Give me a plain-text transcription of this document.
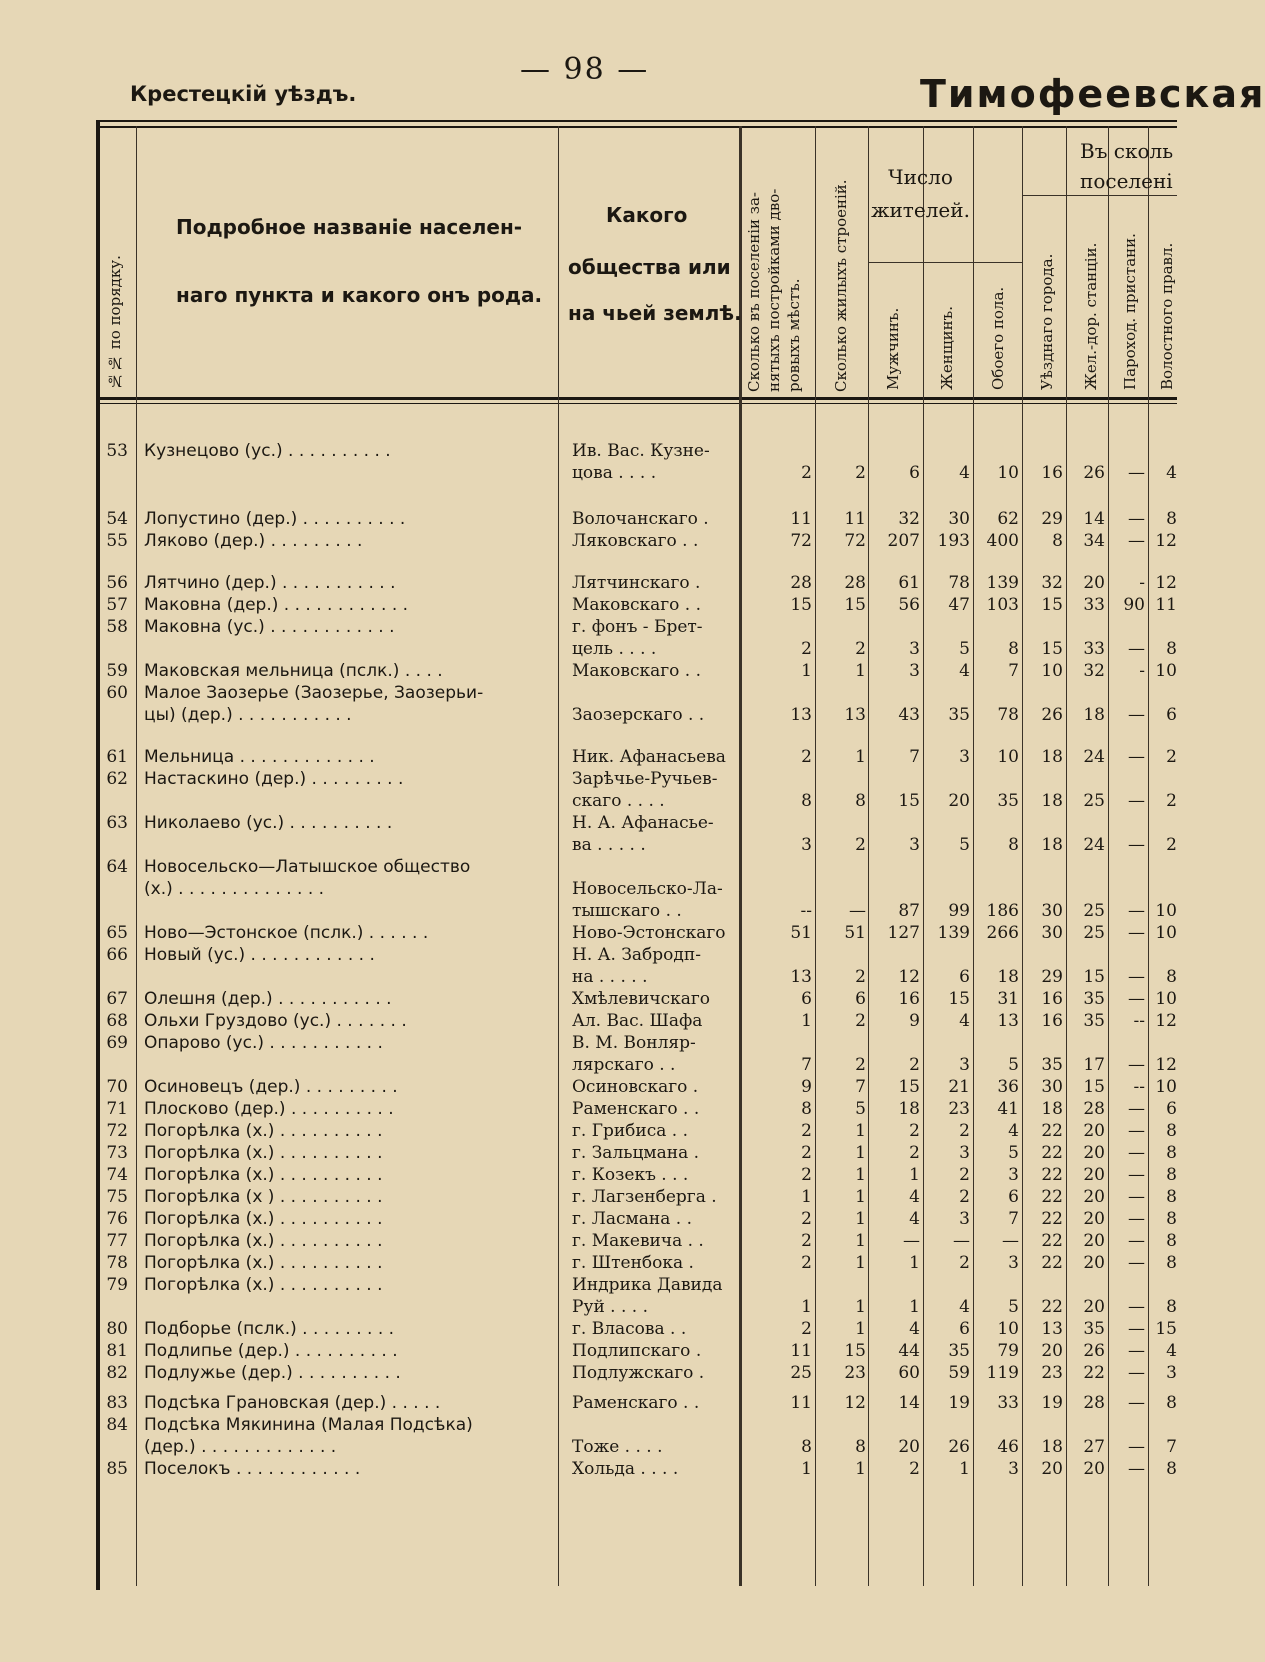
— 98 —
Крестецкій уѣздъ.	Тимофеевская
№№ по порядку.
Подробное названіе населен-
наго пункта и какого онъ рода.
Какого
общества или
на чьей землѣ. Сколько въ поселеніи за- нятыхъ постройками дво- ровыхъ мѣстъ. Сколько жилыхъ строеній.
Число
жителей.
Мужчинъ. Женщинъ. Обоего пола.
Въ сколь
поселені
Уѣзднаго города. Жел.-дор. станціи. Пароход. пристани. Волостного правл.
53 Кузнецово (ус.) . . . . . . . . . .	Ив. Вас. Кузне-
цова . . . .	2	2	6 4 10 16 26 — 4
54 Лопустино (дер.) . . . . . . . . . .	Волочанскаго .	11 11 32 30 62 29 14 — 8
55 Ляково (дер.) . . . . . . . . .	Ляковскаго . .	72 72 207 193 400 8 34 — 12
56 Лятчино (дер.) . . . . . . . . . . .	Лятчинскаго .	28 28 61 78 139 32 20 - 12
57 Маковна (дер.) . . . . . . . . . . . .	Маковскаго . .	15 15 56 47 103 15 33 90 11
58 Маковна (ус.) . . . . . . . . . . . .	г. фонъ - Брет-
цель . . . .	2	2	3 5 8 15 33 — 8
59 Маковская мельница (пслк.) . . . .	Маковскаго . .	1	1	3 4 7 10 32 - 10
60 Малое Заозерье (Заозерье, Заозерьи-
цы) (дер.) . . . . . . . . . . .	Заозерскаго . .	13 13 43 35 78 26 18 — 6
61 Мельница . . . . . . . . . . . . .	Ник. Афанасьева	2	1	7 3 10 18 24 — 2
62 Настаскино (дер.) . . . . . . . . .	Зарѣчье-Ручьев-
скаго . . . .	8	8 15 20 35 18 25 — 2
63 Николаево (ус.) . . . . . . . . . .	Н. А. Афанасье-
ва . . . . .	3	2	3 5 8 18 24 — 2
64 Новосельско—Латышское общество
(х.) . . . . . . . . . . . . . .	Новосельско-Ла-
тышскаго . .	-- — 87 99 186 30 25 — 10
65 Ново—Эстонское (пслк.) . . . . . .	Ново-Эстонскаго	51 51 127 139 266 30 25 — 10
66 Новый (ус.) . . . . . . . . . . . .	Н. А. Забродп-
на . . . . .	13	2 12 6 18 29 15 — 8
67 Олешня (дер.) . . . . . . . . . . .	Хмѣлевичскаго	6	6 16 15 31 16 35 — 10
68 Ольхи Груздово (ус.) . . . . . . .	Ал. Вас. Шафа	1	2	9 4 13 16 35 -- 12
69 Опарово (ус.) . . . . . . . . . . .	В. М. Вонляр-
лярскаго . .	7	2	2 3 5 35 17 — 12
70 Осиновецъ (дер.) . . . . . . . . .	Осиновскаго .	9	7 15 21 36 30 15 -- 10
71 Плосково (дер.) . . . . . . . . . .	Раменскаго . .	8	5 18 23 41 18 28 — 6
72 Погорѣлка (х.) . . . . . . . . . .	г. Грибиса . .	2	1	2 2 4 22 20 — 8
73 Погорѣлка (х.) . . . . . . . . . .	г. Зальцмана .	2	1	2 3 5 22 20 — 8
74 Погорѣлка (х.) . . . . . . . . . .	г. Козекъ . . .	2	1	1 2 3 22 20 — 8
75 Погорѣлка (х ) . . . . . . . . . .	г. Лагзенберга .	1	1	4 2 6 22 20 — 8
76 Погорѣлка (х.) . . . . . . . . . .	г. Ласмана . .	2	1	4 3 7 22 20 — 8
77 Погорѣлка (х.) . . . . . . . . . .	г. Макевича . .	2	1 — — — 22 20 — 8
78 Погорѣлка (х.) . . . . . . . . . .	г. Штенбока .	2	1	1 2 3 22 20 — 8
79 Погорѣлка (х.) . . . . . . . . . .	Индрика Давида
Руй . . . .	1	1	1 4 5 22 20 — 8
80 Подборье (пслк.) . . . . . . . . .	г. Власова . .	2	1	4 6 10 13 35 — 15
81 Подлипье (дер.) . . . . . . . . . .	Подлипскаго .	11 15 44 35 79 20 26 — 4
82 Подлужье (дер.) . . . . . . . . . .	Подлужскаго .	25 23 60 59 119 23 22 — 3
83 Подсѣка Грановская (дер.) . . . . .	Раменскаго . .	11 12 14 19 33 19 28 — 8
84 Подсѣка Мякинина (Малая Подсѣка)
(дер.) . . . . . . . . . . . . .	Тоже . . . .	8	8 20 26 46 18 27 — 7
85 Поселокъ . . . . . . . . . . . .	Хольда . . . .	1	1	2 1 3 20 20 — 8
